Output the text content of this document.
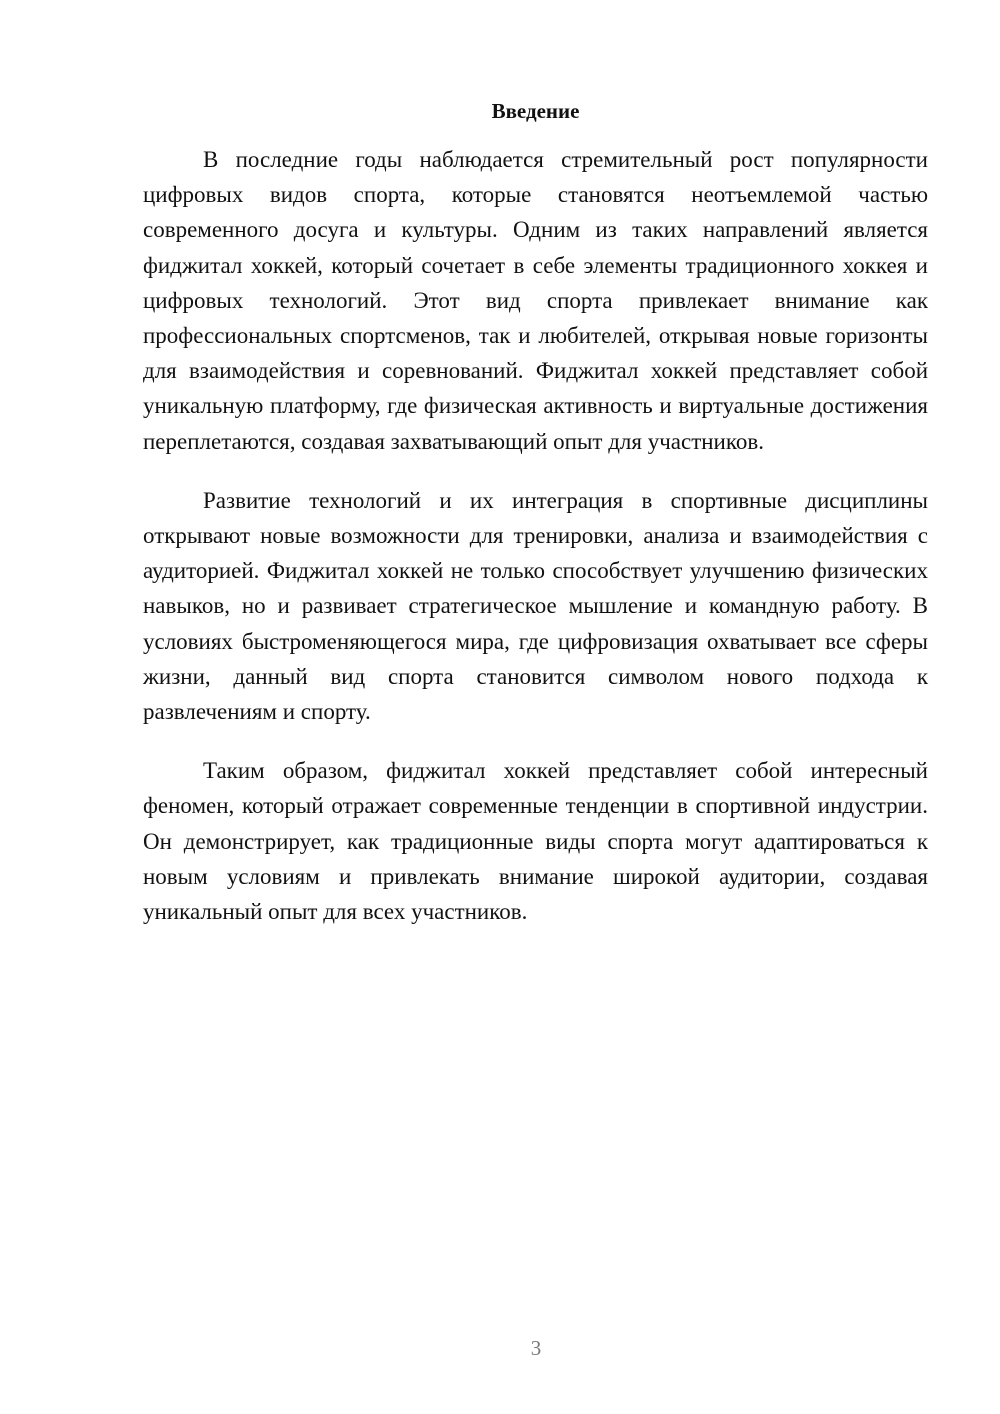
Введение

В последние годы наблюдается стремительный рост популярности цифровых видов спорта, которые становятся неотъемлемой частью современного досуга и культуры. Одним из таких направлений является фиджитал хоккей, который сочетает в себе элементы традиционного хоккея и цифровых технологий. Этот вид спорта привлекает внимание как профессиональных спортсменов, так и любителей, открывая новые горизонты для взаимодействия и соревнований. Фиджитал хоккей представляет собой уникальную платформу, где физическая активность и виртуальные достижения переплетаются, создавая захватывающий опыт для участников.

Развитие технологий и их интеграция в спортивные дисциплины открывают новые возможности для тренировки, анализа и взаимодействия с аудиторией. Фиджитал хоккей не только способствует улучшению физических навыков, но и развивает стратегическое мышление и командную работу. В условиях быстроменяющегося мира, где цифровизация охватывает все сферы жизни, данный вид спорта становится символом нового подхода к развлечениям и спорту.

Таким образом, фиджитал хоккей представляет собой интересный феномен, который отражает современные тенденции в спортивной индустрии. Он демонстрирует, как традиционные виды спорта могут адаптироваться к новым условиям и привлекать внимание широкой аудитории, создавая уникальный опыт для всех участников.

3
